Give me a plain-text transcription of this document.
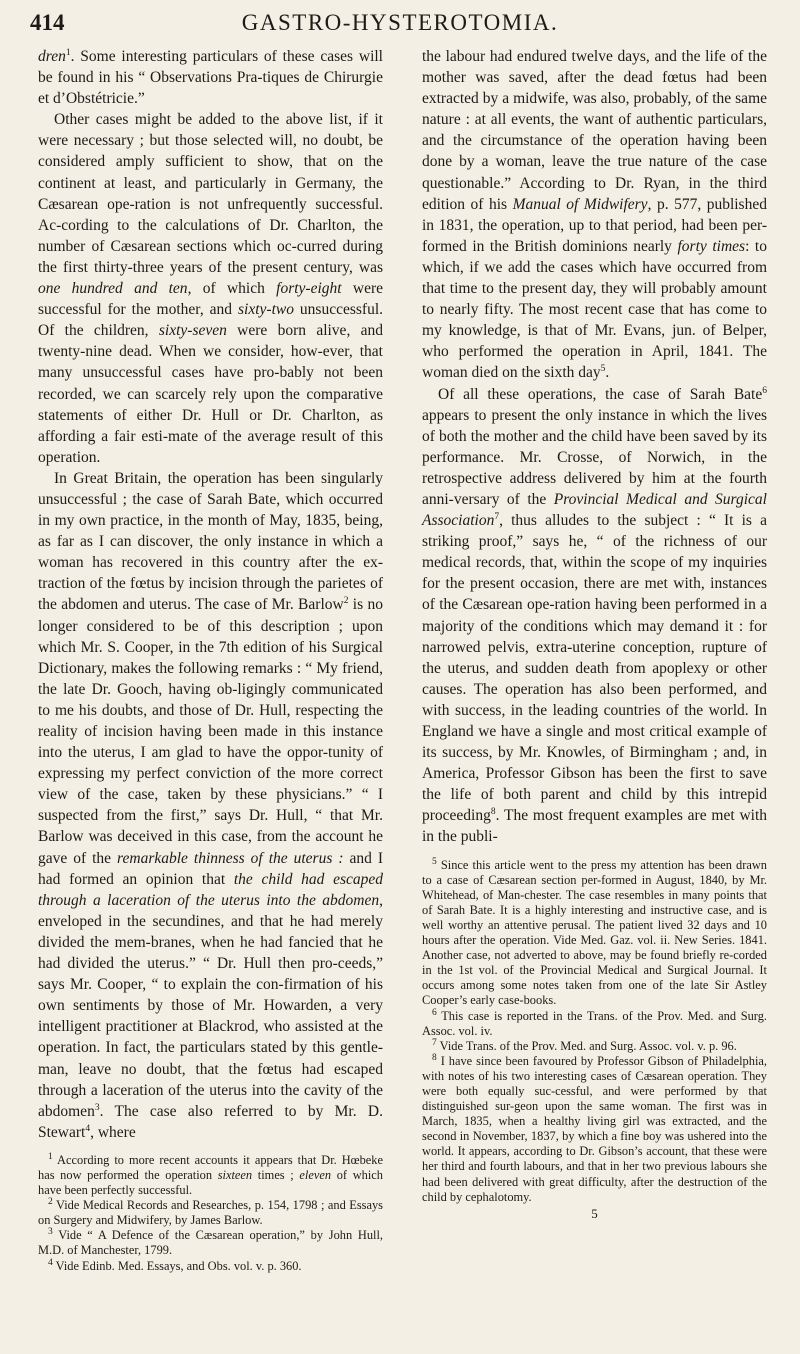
414	GASTRO-HYSTEROTOMIA.

dren$^1$. Some interesting particulars of these cases will be found in his “ Observations Pra-tiques de Chirurgie et d’Obstétricie.”

Other cases might be added to the above list, if it were necessary ; but those selected will, no doubt, be considered amply sufficient to show, that on the continent at least, and particularly in Germany, the Cæsarean ope-ration is not unfrequently successful. Ac-cording to the calculations of Dr. Charlton, the number of Cæsarean sections which oc-curred during the first thirty-three years of the present century, was one hundred and ten, of which forty-eight were successful for the mother, and sixty-two unsuccessful. Of the children, sixty-seven were born alive, and twenty-nine dead. When we consider, how-ever, that many unsuccessful cases have pro-bably not been recorded, we can scarcely rely upon the comparative statements of either Dr. Hull or Dr. Charlton, as affording a fair esti-mate of the average result of this operation.

In Great Britain, the operation has been singularly unsuccessful ; the case of Sarah Bate, which occurred in my own practice, in the month of May, 1835, being, as far as I can discover, the only instance in which a woman has recovered in this country after the ex-traction of the fœtus by incision through the parietes of the abdomen and uterus. The case of Mr. Barlow$^2$ is no longer considered to be of this description ; upon which Mr. S. Cooper, in the 7th edition of his Surgical Dictionary, makes the following remarks : “ My friend, the late Dr. Gooch, having ob-ligingly communicated to me his doubts, and those of Dr. Hull, respecting the reality of incision having been made in this instance into the uterus, I am glad to have the oppor-tunity of expressing my perfect conviction of the more correct view of the case, taken by these physicians.” “ I suspected from the first,” says Dr. Hull, “ that Mr. Barlow was deceived in this case, from the account he gave of the remarkable thinness of the uterus : and I had formed an opinion that the child had escaped through a laceration of the uterus into the abdomen, enveloped in the secundines, and that he had merely divided the mem-branes, when he had fancied that he had divided the uterus.” “ Dr. Hull then pro-ceeds,” says Mr. Cooper, “ to explain the con-firmation of his own sentiments by those of Mr. Howarden, a very intelligent practitioner at Blackrod, who assisted at the operation. In fact, the particulars stated by this gentle-man, leave no doubt, that the fœtus had escaped through a laceration of the uterus into the cavity of the abdomen$^3$. The case also referred to by Mr. D. Stewart$^4$, where

$^1$ According to more recent accounts it appears that Dr. Hœbeke has now performed the operation sixteen times ; eleven of which have been perfectly successful.

$^2$ Vide Medical Records and Researches, p. 154, 1798 ; and Essays on Surgery and Midwifery, by James Barlow.

$^3$ Vide “ A Defence of the Cæsarean operation,” by John Hull, M.D. of Manchester, 1799.

$^4$ Vide Edinb. Med. Essays, and Obs. vol. v. p. 360.

the labour had endured twelve days, and the life of the mother was saved, after the dead fœtus had been extracted by a midwife, was also, probably, of the same nature : at all events, the want of authentic particulars, and the circumstance of the operation having been done by a woman, leave the true nature of the case questionable.” According to Dr. Ryan, in the third edition of his Manual of Midwifery, p. 577, published in 1831, the operation, up to that period, had been per-formed in the British dominions nearly forty times: to which, if we add the cases which have occurred from that time to the present day, they will probably amount to nearly fifty. The most recent case that has come to my knowledge, is that of Mr. Evans, jun. of Belper, who performed the operation in April, 1841. The woman died on the sixth day$^5$.

Of all these operations, the case of Sarah Bate$^6$ appears to present the only instance in which the lives of both the mother and the child have been saved by its performance. Mr. Crosse, of Norwich, in the retrospective address delivered by him at the fourth anni-versary of the Provincial Medical and Surgical Association$^7$, thus alludes to the subject : “ It is a striking proof,” says he, “ of the richness of our medical records, that, within the scope of my inquiries for the present occasion, there are met with, instances of the Cæsarean ope-ration having been performed in a majority of the conditions which may demand it : for narrowed pelvis, extra-uterine conception, rupture of the uterus, and sudden death from apoplexy or other causes. The operation has also been performed, and with success, in the leading countries of the world. In England we have a single and most critical example of its success, by Mr. Knowles, of Birmingham ; and, in America, Professor Gibson has been the first to save the life of both parent and child by this intrepid proceeding$^8$. The most frequent examples are met with in the publi-

$^5$ Since this article went to the press my attention has been drawn to a case of Cæsarean section per-formed in August, 1840, by Mr. Whitehead, of Man-chester. The case resembles in many points that of Sarah Bate. It is a highly interesting and instructive case, and is well worthy an attentive perusal. The patient lived 32 days and 10 hours after the operation. Vide Med. Gaz. vol. ii. New Series. 1841. Another case, not adverted to above, may be found briefly re-corded in the 1st vol. of the Provincial Medical and Surgical Journal. It occurs among some notes taken from one of the late Sir Astley Cooper’s early case-books.

$^6$ This case is reported in the Trans. of the Prov. Med. and Surg. Assoc. vol. iv.

$^7$ Vide Trans. of the Prov. Med. and Surg. Assoc. vol. v. p. 96.

$^8$ I have since been favoured by Professor Gibson of Philadelphia, with notes of his two interesting cases of Cæsarean operation. They were both equally suc-cessful, and were performed by that distinguished sur-geon upon the same woman. The first was in March, 1835, when a healthy living girl was extracted, and the second in November, 1837, by which a fine boy was ushered into the world. It appears, according to Dr. Gibson’s account, that these were her third and fourth labours, and that in her two previous labours she had been delivered with great difficulty, after the destruction of the child by cephalotomy.

5
